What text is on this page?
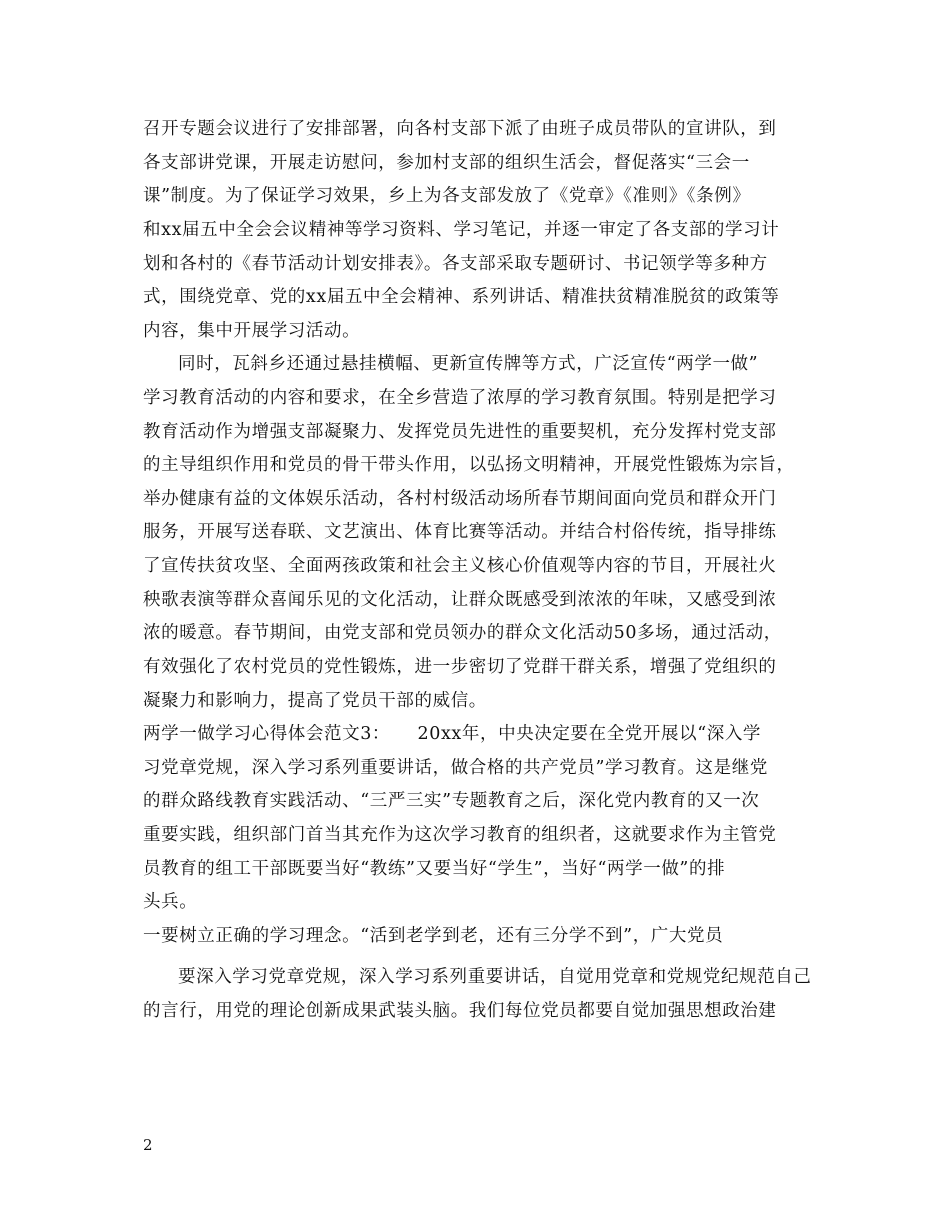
召开专题会议进行了安排部署，向各村支部下派了由班子成员带队的宣讲队，到
各支部讲党课，开展走访慰问，参加村支部的组织生活会，督促落实“三会一
课”制度。为了保证学习效果，乡上为各支部发放了《党章》《准则》《条例》
和xx届五中全会会议精神等学习资料、学习笔记，并逐一审定了各支部的学习计
划和各村的《春节活动计划安排表》。各支部采取专题研讨、书记领学等多种方
式，围绕党章、党的xx届五中全会精神、系列讲话、精准扶贫精准脱贫的政策等
内容，集中开展学习活动。
同时，瓦斜乡还通过悬挂横幅、更新宣传牌等方式，广泛宣传“两学一做”
学习教育活动的内容和要求，在全乡营造了浓厚的学习教育氛围。特别是把学习
教育活动作为增强支部凝聚力、发挥党员先进性的重要契机，充分发挥村党支部
的主导组织作用和党员的骨干带头作用，以弘扬文明精神，开展党性锻炼为宗旨，
举办健康有益的文体娱乐活动，各村村级活动场所春节期间面向党员和群众开门
服务，开展写送春联、文艺演出、体育比赛等活动。并结合村俗传统，指导排练
了宣传扶贫攻坚、全面两孩政策和社会主义核心价值观等内容的节目，开展社火
秧歌表演等群众喜闻乐见的文化活动，让群众既感受到浓浓的年味，又感受到浓
浓的暖意。春节期间，由党支部和党员领办的群众文化活动50多场，通过活动，
有效强化了农村党员的党性锻炼，进一步密切了党群干群关系，增强了党组织的
凝聚力和影响力，提高了党员干部的威信。
两学一做学习心得体会范文3：　　20xx年，中央决定要在全党开展以“深入学
习党章党规，深入学习系列重要讲话，做合格的共产党员”学习教育。这是继党
的群众路线教育实践活动、“三严三实”专题教育之后，深化党内教育的又一次
重要实践，组织部门首当其充作为这次学习教育的组织者，这就要求作为主管党
员教育的组工干部既要当好“教练”又要当好“学生”，当好“两学一做”的排
头兵。
一要树立正确的学习理念。“活到老学到老，还有三分学不到”，广大党员
要深入学习党章党规，深入学习系列重要讲话，自觉用党章和党规党纪规范自己
的言行，用党的理论创新成果武装头脑。我们每位党员都要自觉加强思想政治建
2
